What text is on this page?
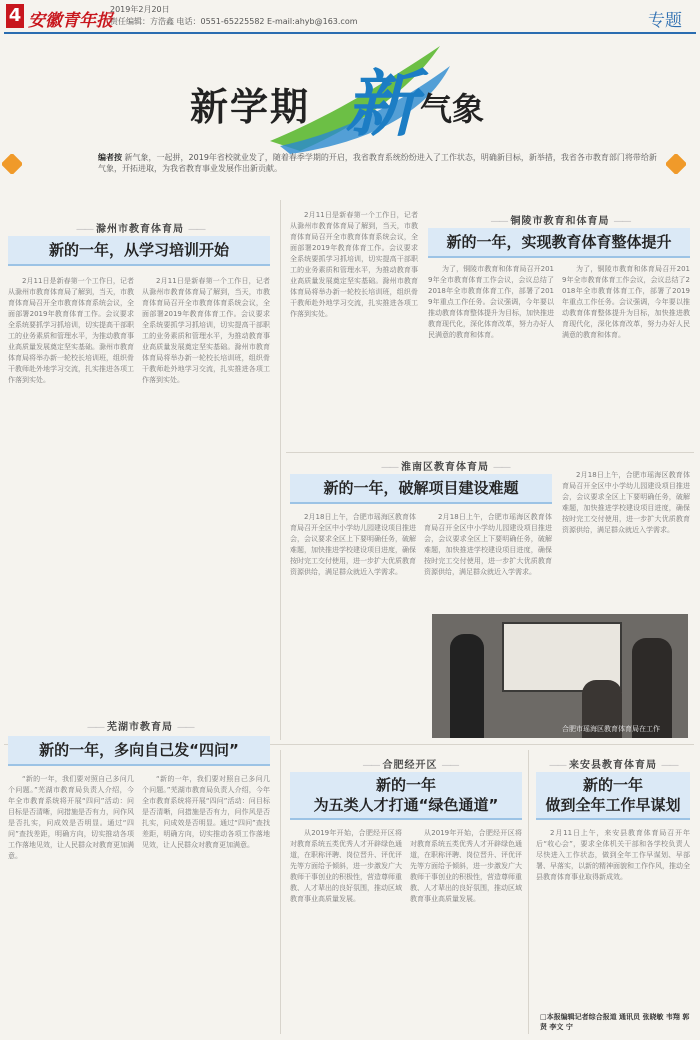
4 安徽青年报
2019年2月20日
责任编辑：方浩鑫 电话：0551-65225582 E-mail:ahyb@163.com	专题
新学期 新 气象
编者按 新气象，一起拼，2019年省校就业发了，随着春季学期的开启，我省教育系统纷纷进入了工作状态，明确新目标，新举措，我省各市教育部门将带给新气象，开拓进取，为我省教育事业发展作出新贡献。
—— 滁州市教育体育局 ——
新的一年，从学习培训开始

2月11日是新春第一个工作日，记者从滁州市教育体育局了解到，当天，市教育体育局召开全市教育体育系统会议，全面部署2019年教育体育工作。会议要求全系统要抓学习抓培训，切实提高干部职工的业务素质和管理水平，为推动教育事业高质量发展奠定坚实基础。滁州市教育体育局将举办新一轮校长培训班，组织骨干教师赴外地学习交流，扎实推进各项工作落到实处。

2月11日是新春第一个工作日，记者从滁州市教育体育局了解到，当天，市教育体育局召开全市教育体育系统会议，全面部署2019年教育体育工作。会议要求全系统要抓学习抓培训，切实提高干部职工的业务素质和管理水平，为推动教育事业高质量发展奠定坚实基础。滁州市教育体育局将举办新一轮校长培训班，组织骨干教师赴外地学习交流，扎实推进各项工作落到实处。

2月11日是新春第一个工作日，记者从滁州市教育体育局了解到，当天，市教育体育局召开全市教育体育系统会议，全面部署2019年教育体育工作。会议要求全系统要抓学习抓培训，切实提高干部职工的业务素质和管理水平，为推动教育事业高质量发展奠定坚实基础。滁州市教育体育局将举办新一轮校长培训班，组织骨干教师赴外地学习交流，扎实推进各项工作落到实处。

—— 铜陵市教育和体育局 ——
新的一年，实现教育体育整体提升

为了，铜陵市教育和体育局召开2019年全市教育体育工作会议，会议总结了2018年全市教育体育工作，部署了2019年重点工作任务。会议强调，今年要以推动教育体育整体提升为目标，加快推进教育现代化，深化体育改革，努力办好人民满意的教育和体育。

为了，铜陵市教育和体育局召开2019年全市教育体育工作会议，会议总结了2018年全市教育体育工作，部署了2019年重点工作任务。会议强调，今年要以推动教育体育整体提升为目标，加快推进教育现代化，深化体育改革，努力办好人民满意的教育和体育。

—— 淮南区教育体育局 ——
新的一年，破解项目建设难题

2月18日上午，合肥市瑶海区教育体育局召开全区中小学幼儿园建设项目推进会，会议要求全区上下要明确任务，破解难题，加快推进学校建设项目进度，确保按时完工交付使用，进一步扩大优质教育资源供给，满足群众就近入学需求。

2月18日上午，合肥市瑶海区教育体育局召开全区中小学幼儿园建设项目推进会，会议要求全区上下要明确任务，破解难题，加快推进学校建设项目进度，确保按时完工交付使用，进一步扩大优质教育资源供给，满足群众就近入学需求。

2月18日上午，合肥市瑶海区教育体育局召开全区中小学幼儿园建设项目推进会，会议要求全区上下要明确任务，破解难题，加快推进学校建设项目进度，确保按时完工交付使用，进一步扩大优质教育资源供给，满足群众就近入学需求。

合肥市瑶海区教育体育局在工作
—— 芜湖市教育局 ——
新的一年，多向自己发“四问”

“新的一年，我们要对照自己多问几个问题。”芜湖市教育局负责人介绍，今年全市教育系统将开展“四问”活动：问目标是否清晰，问措施是否有力，问作风是否扎实，问成效是否明显。通过“四问”查找差距，明确方向，切实推动各项工作落地见效，让人民群众对教育更加满意。

“新的一年，我们要对照自己多问几个问题。”芜湖市教育局负责人介绍，今年全市教育系统将开展“四问”活动：问目标是否清晰，问措施是否有力，问作风是否扎实，问成效是否明显。通过“四问”查找差距，明确方向，切实推动各项工作落地见效，让人民群众对教育更加满意。

—— 合肥经开区 ——
新的一年
为五类人才打通“绿色通道”

从2019年开始，合肥经开区将对教育系统五类优秀人才开辟绿色通道，在职称评聘、岗位晋升、评优评先等方面给予倾斜，进一步激发广大教师干事创业的积极性，营造尊师重教、人才辈出的良好氛围，推动区域教育事业高质量发展。

从2019年开始，合肥经开区将对教育系统五类优秀人才开辟绿色通道，在职称评聘、岗位晋升、评优评先等方面给予倾斜，进一步激发广大教师干事创业的积极性，营造尊师重教、人才辈出的良好氛围，推动区域教育事业高质量发展。

—— 来安县教育体育局 ——
新的一年
做到全年工作早谋划

2月11日上午，来安县教育体育局召开年后“收心会”，要求全体机关干部和各学校负责人尽快进入工作状态，做到全年工作早谋划、早部署、早落实，以新的精神面貌和工作作风，推动全县教育体育事业取得新成效。

□本报编辑记者综合报道 通讯员 张晓敏 韦翔 郭贤 李文 宁
